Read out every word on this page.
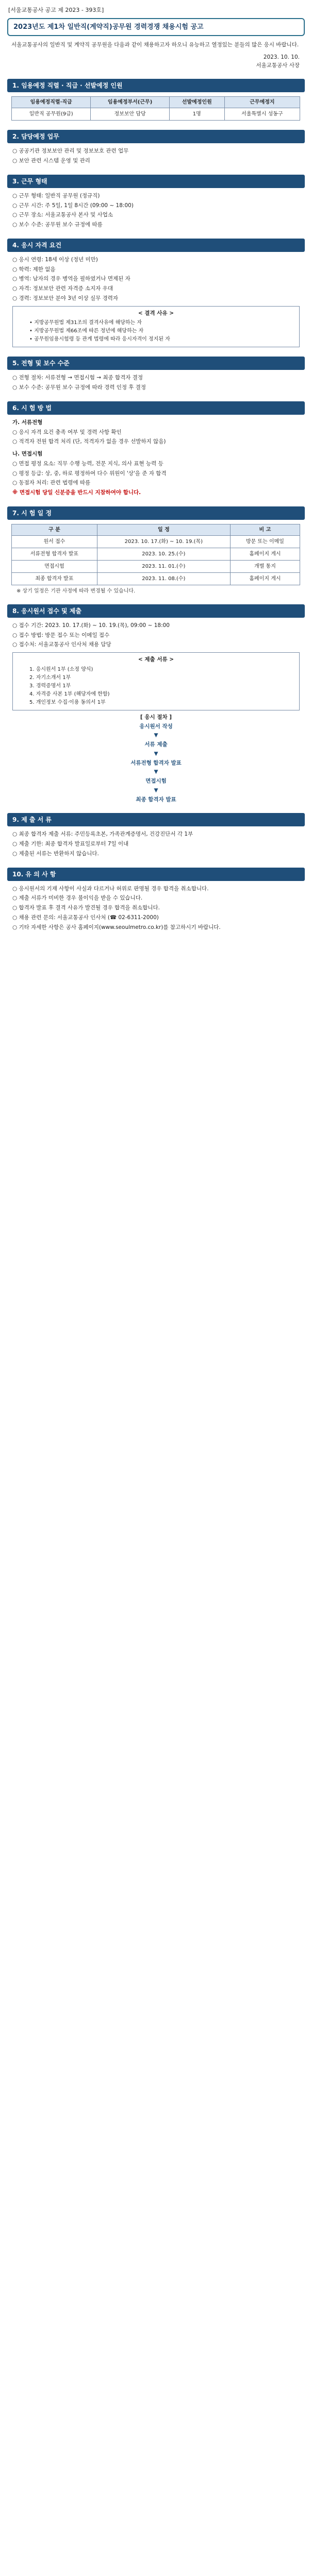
[서울교통공사 공고 제 2023 - 393호]
2023년도 제1차 일반직(계약직)공무원 경력경쟁 채용시험 공고
서울교통공사의 일반직 및 계약직 공무원을 다음과 같이 채용하고자 하오니 유능하고 열정있는 분들의 많은 응시 바랍니다.
2023. 10. 10.
서울교통공사 사장
1. 임용예정 직렬 · 직급 · 선발예정 인원
임용예정직렬·직급	임용예정부서(근무)	선발예정인원	근무예정지
일반직 공무원(9급)	정보보안 담당	1명	서울특별시 성동구
2. 담당예정 업무
○ 공공기관 정보보안 관리 및 정보보호 관련 업무
○ 보안 관련 시스템 운영 및 관리
3. 근무 형태
○ 근무 형태: 일반직 공무원 (정규직)
○ 근무 시간: 주 5일, 1일 8시간 (09:00 ~ 18:00)
○ 근무 장소: 서울교통공사 본사 및 사업소
○ 보수 수준: 공무원 보수 규정에 따름
4. 응시 자격 요건
○ 응시 연령: 18세 이상 (정년 미만)
○ 학력: 제한 없음
○ 병역: 남자의 경우 병역을 필하였거나 면제된 자
○ 자격: 정보보안 관련 자격증 소지자 우대
○ 경력: 정보보안 분야 3년 이상 실무 경력자
< 결격 사유 >
• 지방공무원법 제31조의 결격사유에 해당하는 자
• 지방공무원법 제66조에 따른 정년에 해당하는 자
• 공무원임용시험령 등 관계 법령에 따라 응시자격이 정지된 자
5. 전형 및 보수 수준
○ 전형 절차: 서류전형 → 면접시험 → 최종 합격자 결정
○ 보수 수준: 공무원 보수 규정에 따라 경력 인정 후 결정
6. 시 험 방 법
가. 서류전형
○ 응시 자격 요건 충족 여부 및 경력 사항 확인
○ 적격자 전원 합격 처리 (단, 적격자가 없을 경우 선발하지 않음)
나. 면접시험
○ 면접 평정 요소: 직무 수행 능력, 전문 지식, 의사 표현 능력 등
○ 평정 등급: 상, 중, 하로 평정하여 다수 위원이 '상'을 준 자 합격
○ 동점자 처리: 관련 법령에 따름
※ 면접시험 당일 신분증을 반드시 지참하여야 합니다.
7. 시 험 일 정
구 분	일 정	비 고
원서 접수	2023. 10. 17.(화) ~ 10. 19.(목)	방문 또는 이메일
서류전형 합격자 발표	2023. 10. 25.(수)	홈페이지 게시
면접시험	2023. 11. 01.(수)	개별 통지
최종 합격자 발표	2023. 11. 08.(수)	홈페이지 게시
※ 상기 일정은 기관 사정에 따라 변경될 수 있습니다.
8. 응시원서 접수 및 제출
○ 접수 기간: 2023. 10. 17.(화) ~ 10. 19.(목), 09:00 ~ 18:00
○ 접수 방법: 방문 접수 또는 이메일 접수
○ 접수처: 서울교통공사 인사처 채용 담당
< 제출 서류 >
1. 응시원서 1부 (소정 양식)
2. 자기소개서 1부
3. 경력증명서 1부
4. 자격증 사본 1부 (해당자에 한함)
5. 개인정보 수집·이용 동의서 1부
[ 응시 절차 ]
응시원서 작성
▼
서류 제출
▼
서류전형 합격자 발표
▼
면접시험
▼
최종 합격자 발표
9. 제 출 서 류
○ 최종 합격자 제출 서류: 주민등록초본, 가족관계증명서, 건강진단서 각 1부
○ 제출 기한: 최종 합격자 발표일로부터 7일 이내
○ 제출된 서류는 반환하지 않습니다.
10. 유 의 사 항
○ 응시원서의 기재 사항이 사실과 다르거나 허위로 판명될 경우 합격을 취소합니다.
○ 제출 서류가 미비한 경우 불이익을 받을 수 있습니다.
○ 합격자 발표 후 결격 사유가 발견될 경우 합격을 취소합니다.
○ 채용 관련 문의: 서울교통공사 인사처 (☎ 02-6311-2000)
○ 기타 자세한 사항은 공사 홈페이지(www.seoulmetro.co.kr)를 참고하시기 바랍니다.
